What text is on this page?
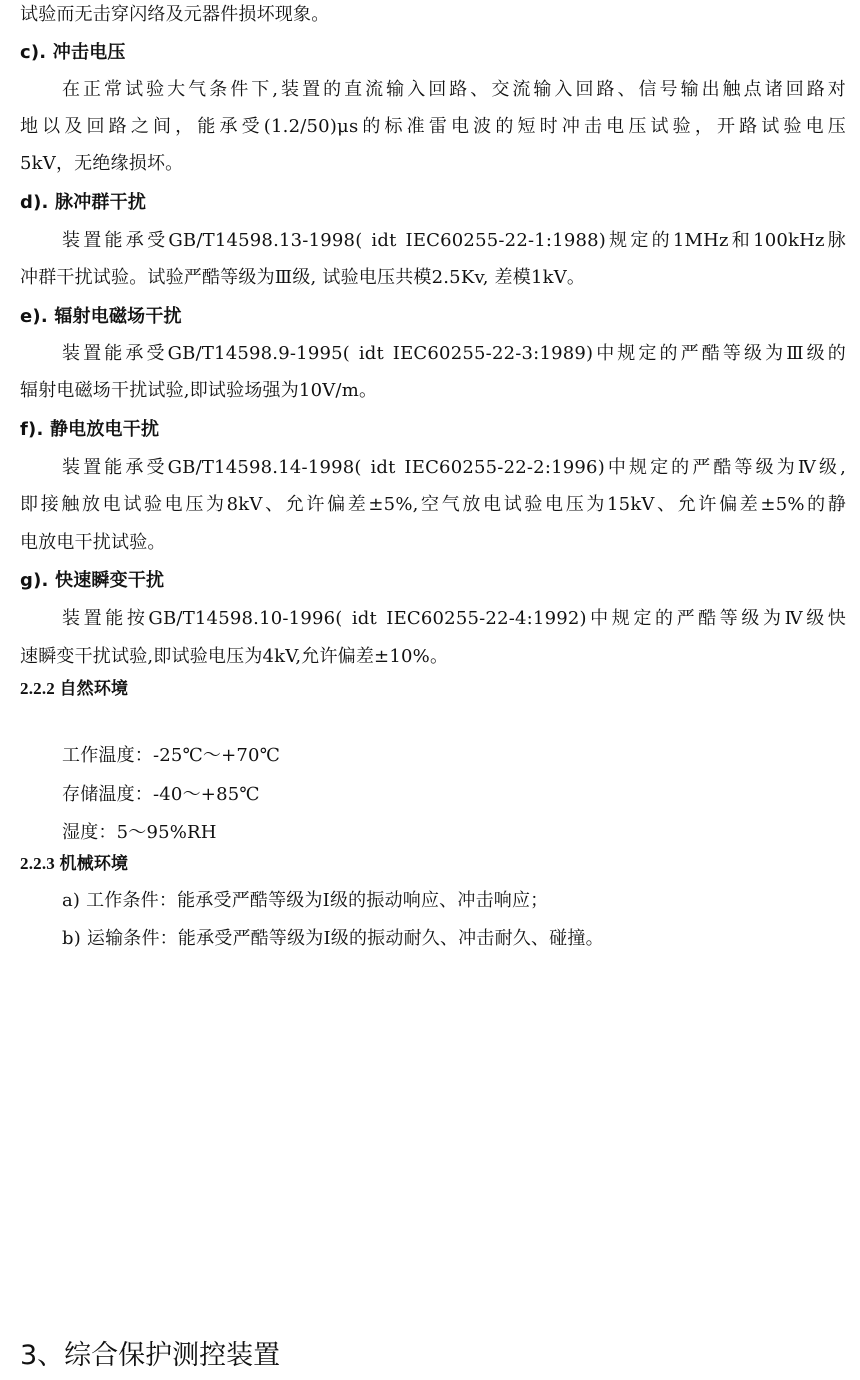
试验而无击穿闪络及元器件损坏现象。
c). 冲击电压
在正常试验大气条件下,装置的直流输入回路、交流输入回路、信号输出触点诸回路对
地以及回路之间，能承受(1.2/50)μs的标准雷电波的短时冲击电压试验，开路试验电压
5kV，无绝缘损坏。
d). 脉冲群干扰
装置能承受GB/T14598.13-1998( idt IEC60255-22-1:1988)规定的1MHz和100kHz脉
冲群干扰试验。试验严酷等级为Ⅲ级, 试验电压共模2.5Kv, 差模1kV。
e). 辐射电磁场干扰
装置能承受GB/T14598.9-1995( idt IEC60255-22-3:1989)中规定的严酷等级为Ⅲ级的
辐射电磁场干扰试验,即试验场强为10V/m。
f). 静电放电干扰
装置能承受GB/T14598.14-1998( idt IEC60255-22-2:1996)中规定的严酷等级为Ⅳ级,
即接触放电试验电压为8kV、允许偏差±5%,空气放电试验电压为15kV、允许偏差±5%的静
电放电干扰试验。
g). 快速瞬变干扰
装置能按GB/T14598.10-1996( idt IEC60255-22-4:1992)中规定的严酷等级为Ⅳ级快
速瞬变干扰试验,即试验电压为4kV,允许偏差±10%。
2.2.2 自然环境
工作温度：-25℃～+70℃
存储温度：-40～+85℃
湿度：5～95%RH
2.2.3 机械环境
a) 工作条件：能承受严酷等级为Ⅰ级的振动响应、冲击响应；
b) 运输条件：能承受严酷等级为Ⅰ级的振动耐久、冲击耐久、碰撞。
3、综合保护测控装置
